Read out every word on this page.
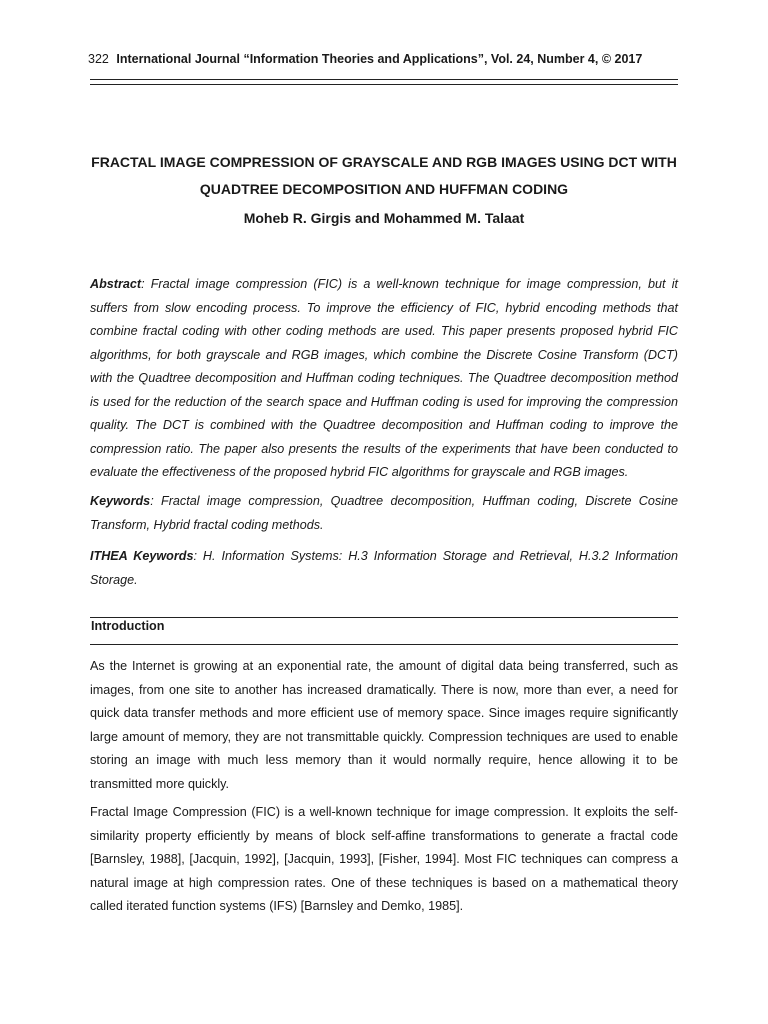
322 International Journal “Information Theories and Applications”, Vol. 24, Number 4, © 2017
FRACTAL IMAGE COMPRESSION OF GRAYSCALE AND RGB IMAGES USING DCT WITH QUADTREE DECOMPOSITION AND HUFFMAN CODING

Moheb R. Girgis and Mohammed M. Talaat

Abstract: Fractal image compression (FIC) is a well-known technique for image compression, but it suffers from slow encoding process. To improve the efficiency of FIC, hybrid encoding methods that combine fractal coding with other coding methods are used. This paper presents proposed hybrid FIC algorithms, for both grayscale and RGB images, which combine the Discrete Cosine Transform (DCT) with the Quadtree decomposition and Huffman coding techniques. The Quadtree decomposition method is used for the reduction of the search space and Huffman coding is used for improving the compression quality. The DCT is combined with the Quadtree decomposition and Huffman coding to improve the compression ratio. The paper also presents the results of the experiments that have been conducted to evaluate the effectiveness of the proposed hybrid FIC algorithms for grayscale and RGB images.

Keywords: Fractal image compression, Quadtree decomposition, Huffman coding, Discrete Cosine Transform, Hybrid fractal coding methods.

ITHEA Keywords: H. Information Systems: H.3 Information Storage and Retrieval, H.3.2 Information Storage.

Introduction

As the Internet is growing at an exponential rate, the amount of digital data being transferred, such as images, from one site to another has increased dramatically. There is now, more than ever, a need for quick data transfer methods and more efficient use of memory space. Since images require significantly large amount of memory, they are not transmittable quickly. Compression techniques are used to enable storing an image with much less memory than it would normally require, hence allowing it to be transmitted more quickly.

Fractal Image Compression (FIC) is a well-known technique for image compression. It exploits the self-similarity property efficiently by means of block self-affine transformations to generate a fractal code [Barnsley, 1988], [Jacquin, 1992], [Jacquin, 1993], [Fisher, 1994]. Most FIC techniques can compress a natural image at high compression rates. One of these techniques is based on a mathematical theory called iterated function systems (IFS) [Barnsley and Demko, 1985].
